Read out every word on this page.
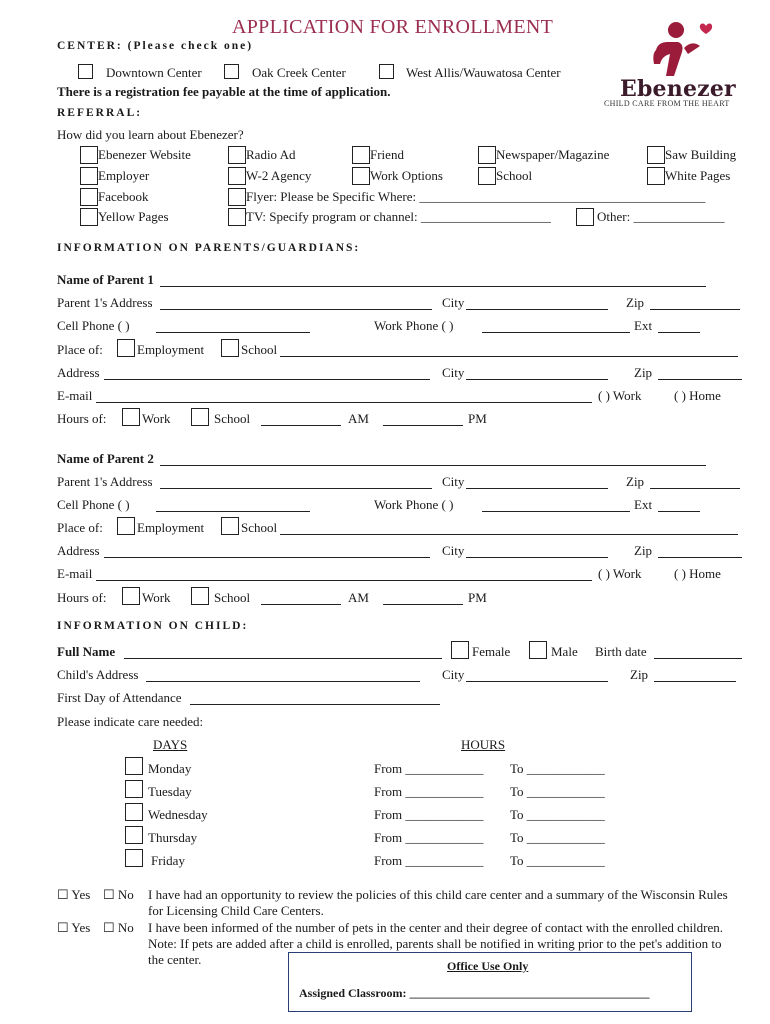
APPLICATION FOR ENROLLMENT
CENTER: (Please check one)
Downtown Center	Oak Creek Center	West Allis/Wauwatosa Center
There is a registration fee payable at the time of application.	Ebenezer
CHILD CARE FROM THE HEART
REFERRAL:
How did you learn about Ebenezer?
Ebenezer Website	Radio Ad	Friend	Newspaper/Magazine	Saw Building
Employer	W-2 Agency	Work Options	School	White Pages
Facebook	Flyer: Please be Specific Where: ____________________________________________
Yellow Pages	TV: Specify program or channel: ____________________	Other: ______________
INFORMATION ON PARENTS/GUARDIANS:
Name of Parent 1
Parent 1's Address	City	Zip
Cell Phone ( )	Work Phone ( )	Ext
Place of:	Employment	School
Address	City	Zip
E-mail	( ) Work	( ) Home
Hours of:	Work	School	AM	PM
Name of Parent 2
Parent 1's Address	City	Zip
Cell Phone ( )	Work Phone ( )	Ext
Place of:	Employment	School
Address	City	Zip
E-mail	( ) Work	( ) Home
Hours of:	Work	School	AM	PM
INFORMATION ON CHILD:
Full Name	Female	Male Birth date
Child's Address	City	Zip
First Day of Attendance
Please indicate care needed:
DAYS	HOURS
Monday	From ____________ To ____________
Tuesday	From ____________ To ____________
Wednesday	From ____________ To ____________
Thursday	From ____________ To ____________
Friday	From ____________ To ____________
☐ Yes ☐ No I have had an opportunity to review the policies of this child care center and a summary of the Wisconsin Rules
for Licensing Child Care Centers.
☐ Yes ☐ No I have been informed of the number of pets in the center and their degree of contact with the enrolled children.
Note: If pets are added after a child is enrolled, parents shall be notified in writing prior to the pet's addition to
the center.	Office Use Only
Assigned Classroom: ________________________________________
